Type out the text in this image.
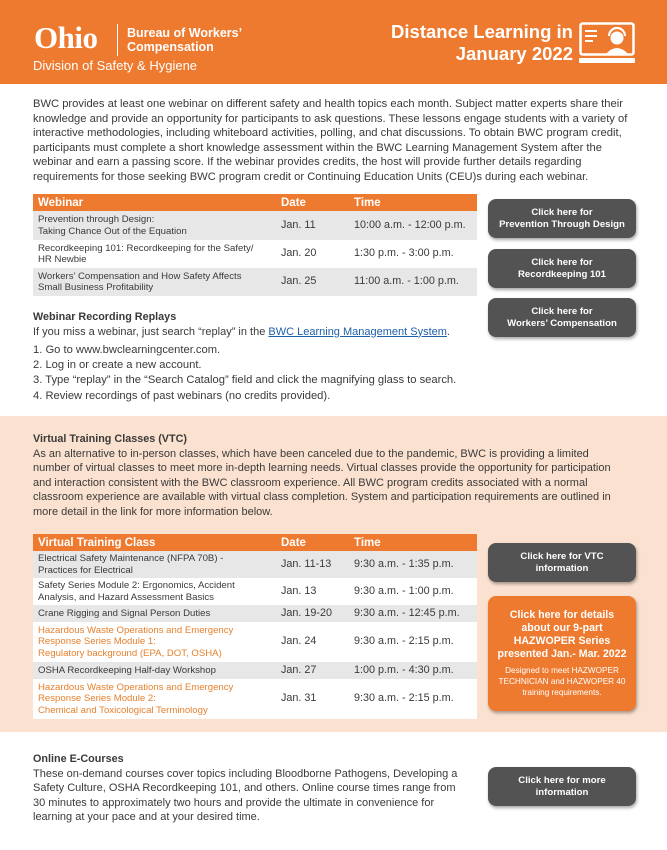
Ohio Bureau of Workers’
Compensation
Division of Safety & Hygiene
Distance Learning in
January 2022
BWC provides at least one webinar on different safety and health topics each month. Subject matter experts share their knowledge and provide an opportunity for participants to ask questions. These lessons engage students with a variety of interactive methodologies, including whiteboard activities, polling, and chat discussions. To obtain BWC program credit, participants must complete a short knowledge assessment within the BWC Learning Management System after the webinar and earn a passing score. If the webinar provides credits, the host will provide further details regarding requirements for those seeking BWC program credit or Continuing Education Units (CEU)s during each webinar.
Webinar	Date	Time

Prevention through Design:
Taking Chance Out of the Equation	Jan. 11	10:00 a.m. - 12:00 p.m.

Recordkeeping 101: Recordkeeping for the Safety/
HR Newbie	Jan. 20	1:30 p.m. - 3:00 p.m.

Workers’ Compensation and How Safety Affects
Small Business Profitability	Jan. 25	11:00 a.m. - 1:00 p.m.
Click here for
Prevention Through Design
Click here for
Recordkeeping 101
Click here for
Workers’ Compensation
Webinar Recording Replays
If you miss a webinar, just search “replay” in the BWC Learning Management System.
1. Go to www.bwclearningcenter.com.
2. Log in or create a new account.
3. Type “replay” in the “Search Catalog” field and click the magnifying glass to search.
4. Review recordings of past webinars (no credits provided).
Virtual Training Classes (VTC)
As an alternative to in-person classes, which have been canceled due to the pandemic, BWC is providing a limited number of virtual classes to meet more in-depth learning needs. Virtual classes provide the opportunity for participation and interaction consistent with the BWC classroom experience. All BWC program credits associated with a normal classroom experience are available with virtual class completion. System and participation requirements are outlined in more detail in the link for more information below.
Virtual Training Class	Date	Time

Electrical Safety Maintenance (NFPA 70B) -
Practices for Electrical	Jan. 11-13	9:30 a.m. - 1:35 p.m.

Safety Series Module 2: Ergonomics, Accident
Analysis, and Hazard Assessment Basics	Jan. 13	9:30 a.m. - 1:00 p.m.
Crane Rigging and Signal Person Duties	Jan. 19-20	9:30 a.m. - 12:45 p.m.

Hazardous Waste Operations and Emergency
Response Series Module 1:
Regulatory background (EPA, DOT, OSHA)	Jan. 24	9:30 a.m. - 2:15 p.m.
OSHA Recordkeeping Half-day Workshop	Jan. 27	1:00 p.m. - 4:30 p.m.

Hazardous Waste Operations and Emergency
Response Series Module 2:
Chemical and Toxicological Terminology	Jan. 31	9:30 a.m. - 2:15 p.m.
Click here for VTC
information
Click here for details
about our 9-part
HAZWOPER Series
presented Jan.- Mar. 2022
Designed to meet HAZWOPER
TECHNICIAN and HAZWOPER 40
training requirements.
Online E-Courses
These on-demand courses cover topics including Bloodborne Pathogens, Developing a Safety Culture, OSHA Recordkeeping 101, and others. Online course times range from 30 minutes to approximately two hours and provide the ultimate in convenience for learning at your pace and at your desired time.
Click here for more
information
